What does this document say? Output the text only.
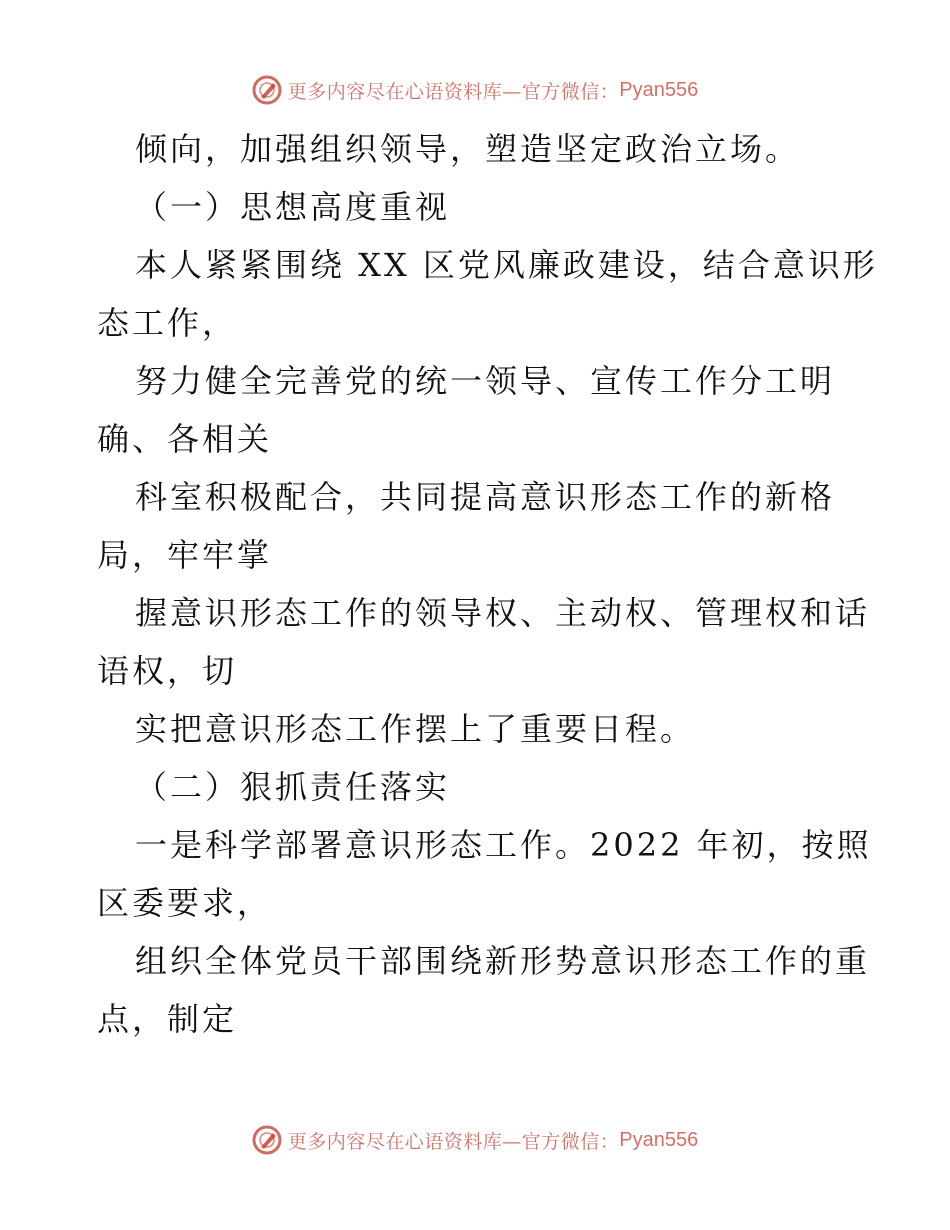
更多内容尽在心语资料库—官方微信： Pyan556
倾向，加强组织领导，塑造坚定政治立场。
（一）思想高度重视
本人紧紧围绕 XX 区党风廉政建设，结合意识形
态工作，
努力健全完善党的统一领导、宣传工作分工明
确、各相关
科室积极配合，共同提高意识形态工作的新格
局，牢牢掌
握意识形态工作的领导权、主动权、管理权和话
语权，切
实把意识形态工作摆上了重要日程。
（二）狠抓责任落实
一是科学部署意识形态工作。2022 年初，按照
区委要求，
组织全体党员干部围绕新形势意识形态工作的重
点，制定
更多内容尽在心语资料库—官方微信： Pyan556
